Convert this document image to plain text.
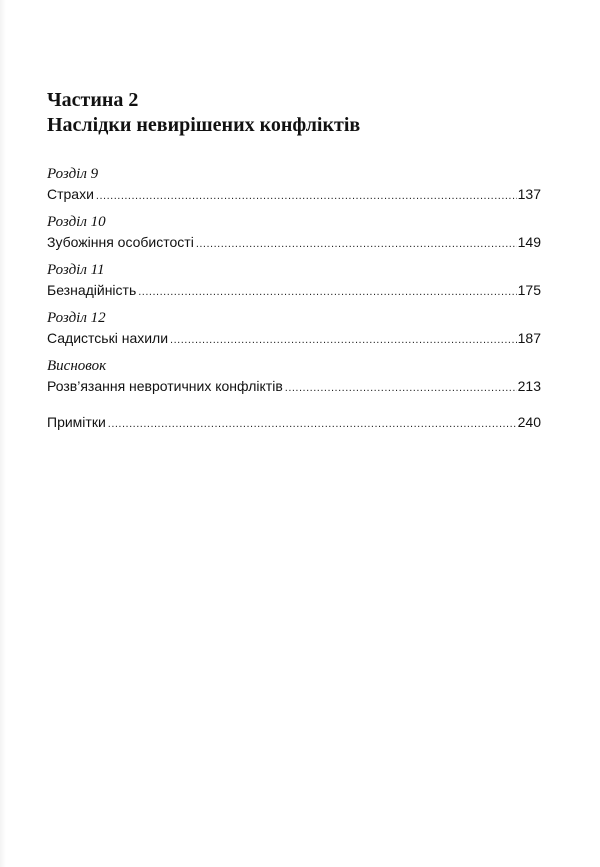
Частина 2
Наслідки невирішених конфліктів
Розділ 9
Страхи .....	137
Розділ 10
Зубожіння особистості .....	149
Розділ 11
Безнадійність .....	175
Розділ 12
Садистські нахили .....	187
Висновок
Розв’язання невротичних конфліктів .....	213
Примітки .....	240
